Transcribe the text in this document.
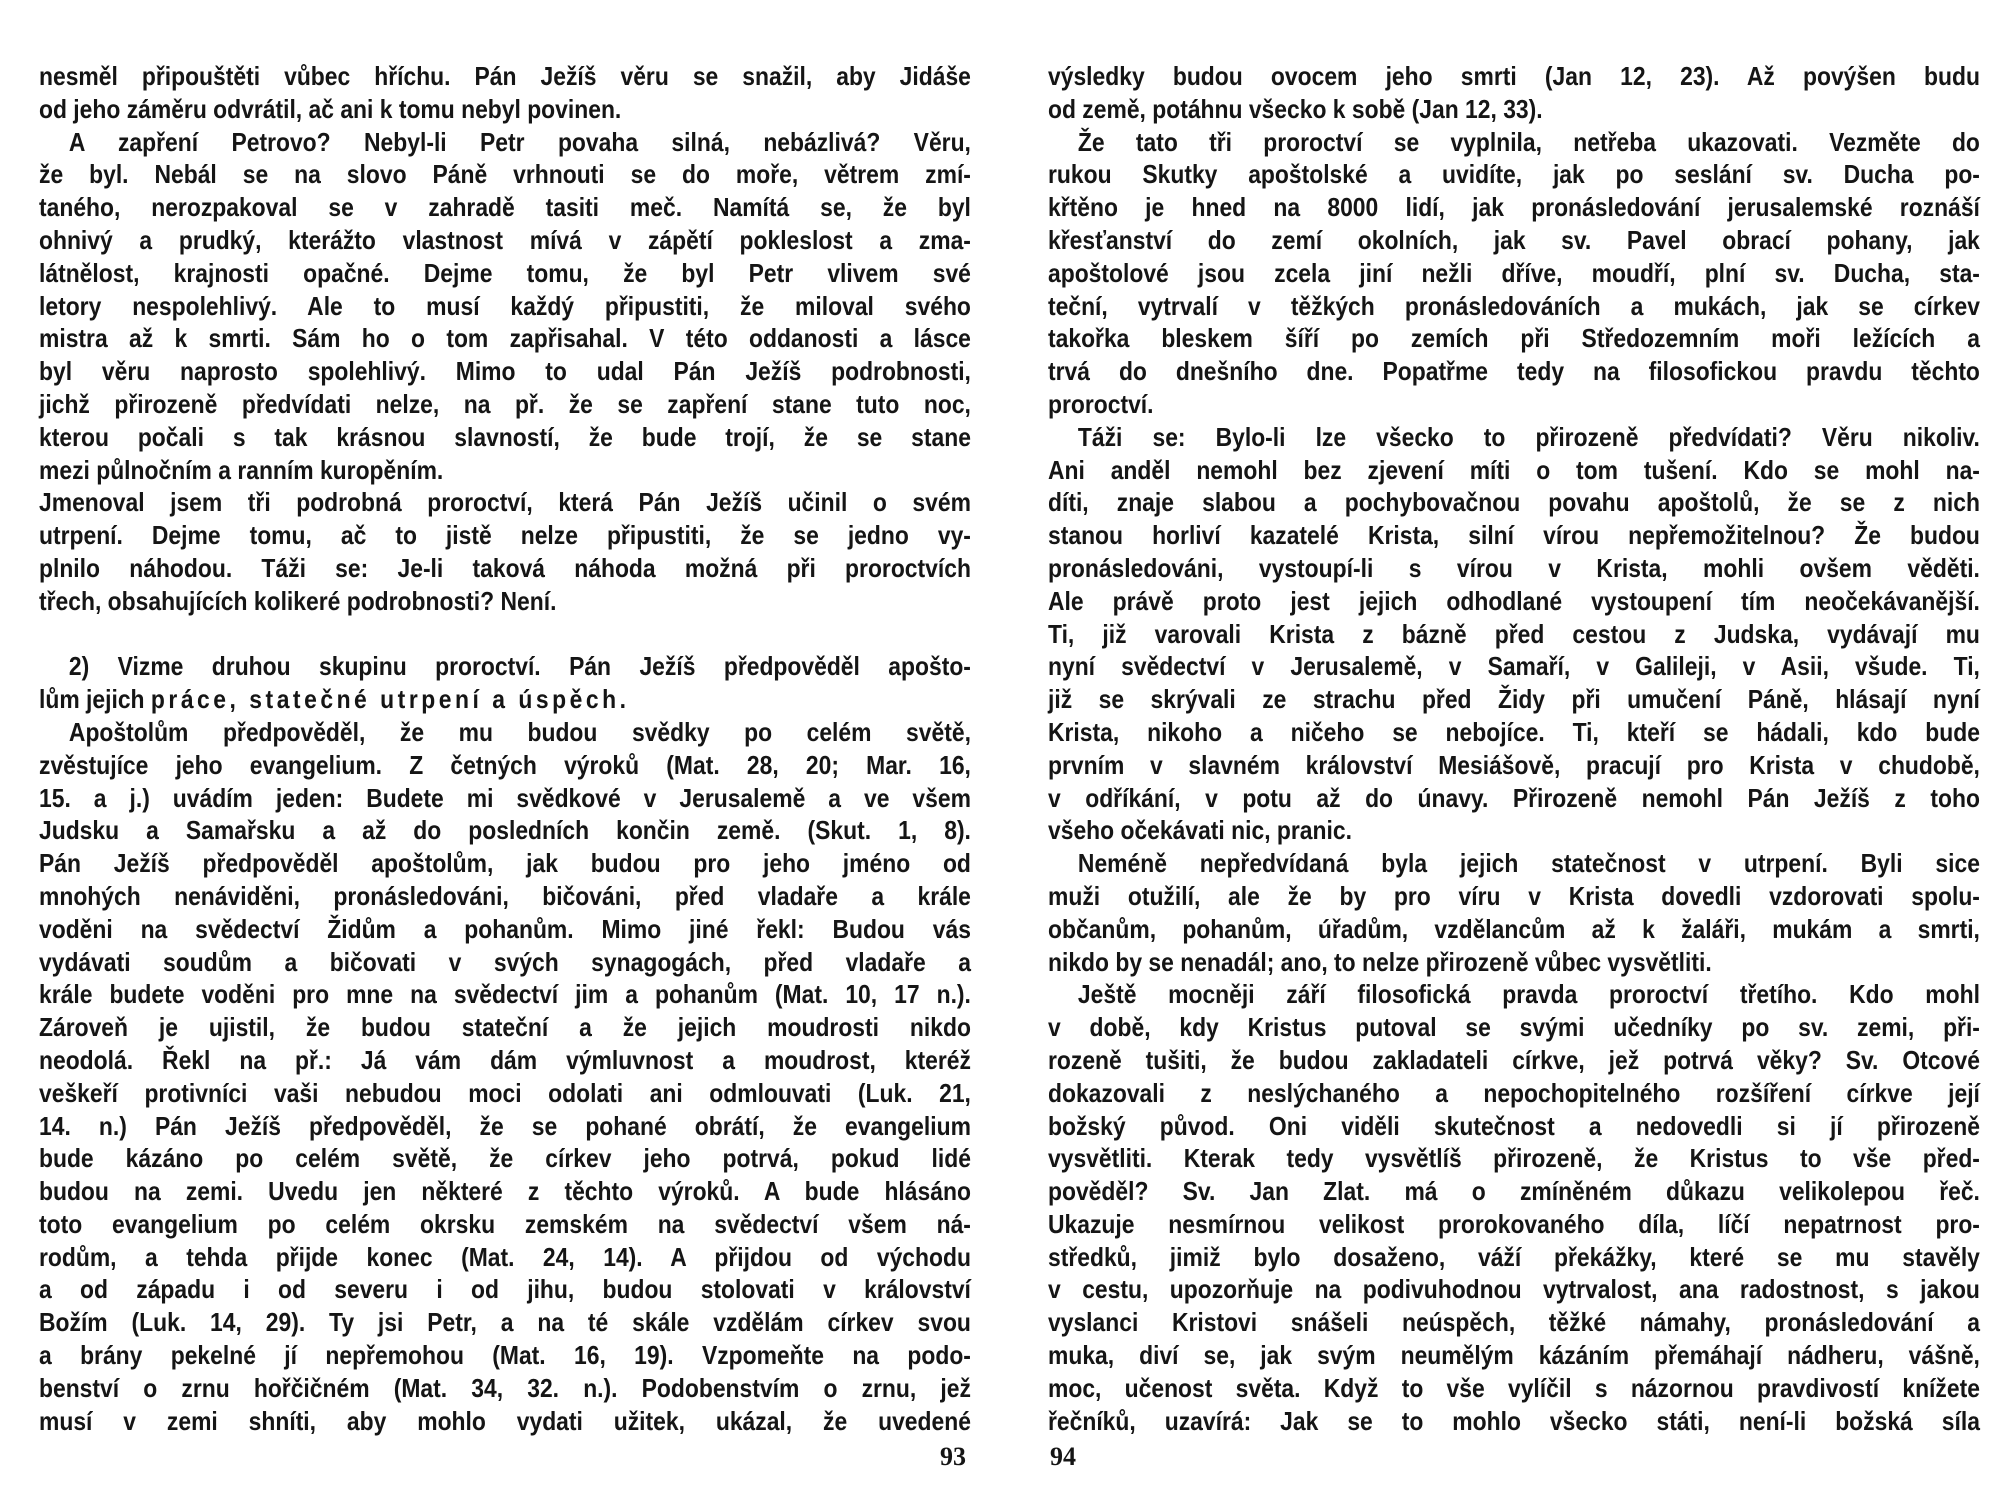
nesměl připouštěti vůbec hříchu. Pán Ježíš věru se snažil, aby Jidáše
od jeho záměru odvrátil, ač ani k tomu nebyl povinen.
A zapření Petrovo? Nebyl-li Petr povaha silná, nebázlivá? Věru,
že byl. Nebál se na slovo Páně vrhnouti se do moře, větrem zmí-
taného, nerozpakoval se v zahradě tasiti meč. Namítá se, že byl
ohnivý a prudký, kterážto vlastnost mívá v zápětí pokleslost a zma-
látnělost, krajnosti opačné. Dejme tomu, že byl Petr vlivem své
letory nespolehlivý. Ale to musí každý připustiti, že miloval svého
mistra až k smrti. Sám ho o tom zapřisahal. V této oddanosti a lásce
byl věru naprosto spolehlivý. Mimo to udal Pán Ježíš podrobnosti,
jichž přirozeně předvídati nelze, na př. že se zapření stane tuto noc,
kterou počali s tak krásnou slavností, že bude trojí, že se stane
mezi půlnočním a ranním kuropěním.
Jmenoval jsem tři podrobná proroctví, která Pán Ježíš učinil o svém
utrpení. Dejme tomu, ač to jistě nelze připustiti, že se jedno vy-
plnilo náhodou. Táži se: Je-li taková náhoda možná při proroctvích
třech, obsahujících kolikeré podrobnosti? Není.
2) Vizme druhou skupinu proroctví. Pán Ježíš předpověděl apošto-
lům jejich práce, statečné utrpení a úspěch.
Apoštolům předpověděl, že mu budou svědky po celém světě,
zvěstujíce jeho evangelium. Z četných výroků (Mat. 28, 20; Mar. 16,
15. a j.) uvádím jeden: Budete mi svědkové v Jerusalemě a ve všem
Judsku a Samařsku a až do posledních končin země. (Skut. 1, 8).
Pán Ježíš předpověděl apoštolům, jak budou pro jeho jméno od
mnohých nenáviděni, pronásledováni, bičováni, před vladaře a krále
voděni na svědectví Židům a pohanům. Mimo jiné řekl: Budou vás
vydávati soudům a bičovati v svých synagogách, před vladaře a
krále budete voděni pro mne na svědectví jim a pohanům (Mat. 10, 17 n.).
Zároveň je ujistil, že budou stateční a že jejich moudrosti nikdo
neodolá. Řekl na př.: Já vám dám výmluvnost a moudrost, kteréž
veškeří protivníci vaši nebudou moci odolati ani odmlouvati (Luk. 21,
14. n.) Pán Ježíš předpověděl, že se pohané obrátí, že evangelium
bude kázáno po celém světě, že církev jeho potrvá, pokud lidé
budou na zemi. Uvedu jen některé z těchto výroků. A bude hlásáno
toto evangelium po celém okrsku zemském na svědectví všem ná-
rodům, a tehda přijde konec (Mat. 24, 14). A přijdou od východu
a od západu i od severu i od jihu, budou stolovati v království
Božím (Luk. 14, 29). Ty jsi Petr, a na té skále vzdělám církev svou
a brány pekelné jí nepřemohou (Mat. 16, 19). Vzpomeňte na podo-
benství o zrnu hořčičném (Mat. 34, 32. n.). Podobenstvím o zrnu, jež
musí v zemi shníti, aby mohlo vydati užitek, ukázal, že uvedené
výsledky budou ovocem jeho smrti (Jan 12, 23). Až povýšen budu
od země, potáhnu všecko k sobě (Jan 12, 33).
Že tato tři proroctví se vyplnila, netřeba ukazovati. Vezměte do
rukou Skutky apoštolské a uvidíte, jak po seslání sv. Ducha po-
křtěno je hned na 8000 lidí, jak pronásledování jerusalemské roznáší
křesťanství do zemí okolních, jak sv. Pavel obrací pohany, jak
apoštolové jsou zcela jiní nežli dříve, moudří, plní sv. Ducha, sta-
teční, vytrvalí v těžkých pronásledováních a mukách, jak se církev
takořka bleskem šíří po zemích při Středozemním moři ležících a
trvá do dnešního dne. Popatřme tedy na filosofickou pravdu těchto
proroctví.
Táži se: Bylo-li lze všecko to přirozeně předvídati? Věru nikoliv.
Ani anděl nemohl bez zjevení míti o tom tušení. Kdo se mohl na-
díti, znaje slabou a pochybovačnou povahu apoštolů, že se z nich
stanou horliví kazatelé Krista, silní vírou nepřemožitelnou? Že budou
pronásledováni, vystoupí-li s vírou v Krista, mohli ovšem věděti.
Ale právě proto jest jejich odhodlané vystoupení tím neočekávanější.
Ti, již varovali Krista z bázně před cestou z Judska, vydávají mu
nyní svědectví v Jerusalemě, v Samaří, v Galileji, v Asii, všude. Ti,
již se skrývali ze strachu před Židy při umučení Páně, hlásají nyní
Krista, nikoho a ničeho se nebojíce. Ti, kteří se hádali, kdo bude
prvním v slavném království Mesiášově, pracují pro Krista v chudobě,
v odříkání, v potu až do únavy. Přirozeně nemohl Pán Ježíš z toho
všeho očekávati nic, pranic.
Neméně nepředvídaná byla jejich statečnost v utrpení. Byli sice
muži otužilí, ale že by pro víru v Krista dovedli vzdorovati spolu-
občanům, pohanům, úřadům, vzdělancům až k žaláři, mukám a smrti,
nikdo by se nenadál; ano, to nelze přirozeně vůbec vysvětliti.
Ještě mocněji září filosofická pravda proroctví třetího. Kdo mohl
v době, kdy Kristus putoval se svými učedníky po sv. zemi, při-
rozeně tušiti, že budou zakladateli církve, jež potrvá věky? Sv. Otcové
dokazovali z neslýchaného a nepochopitelného rozšíření církve její
božský původ. Oni viděli skutečnost a nedovedli si jí přirozeně
vysvětliti. Kterak tedy vysvětlíš přirozeně, že Kristus to vše před-
pověděl? Sv. Jan Zlat. má o zmíněném důkazu velikolepou řeč.
Ukazuje nesmírnou velikost prorokovaného díla, líčí nepatrnost pro-
středků, jimiž bylo dosaženo, váží překážky, které se mu stavěly
v cestu, upozorňuje na podivuhodnou vytrvalost, ana radostnost, s jakou
vyslanci Kristovi snášeli neúspěch, těžké námahy, pronásledování a
muka, diví se, jak svým neumělým kázáním přemáhají nádheru, vášně,
moc, učenost světa. Když to vše vylíčil s názornou pravdivostí knížete
řečníků, uzavírá: Jak se to mohlo všecko státi, není-li božská síla
93	94
